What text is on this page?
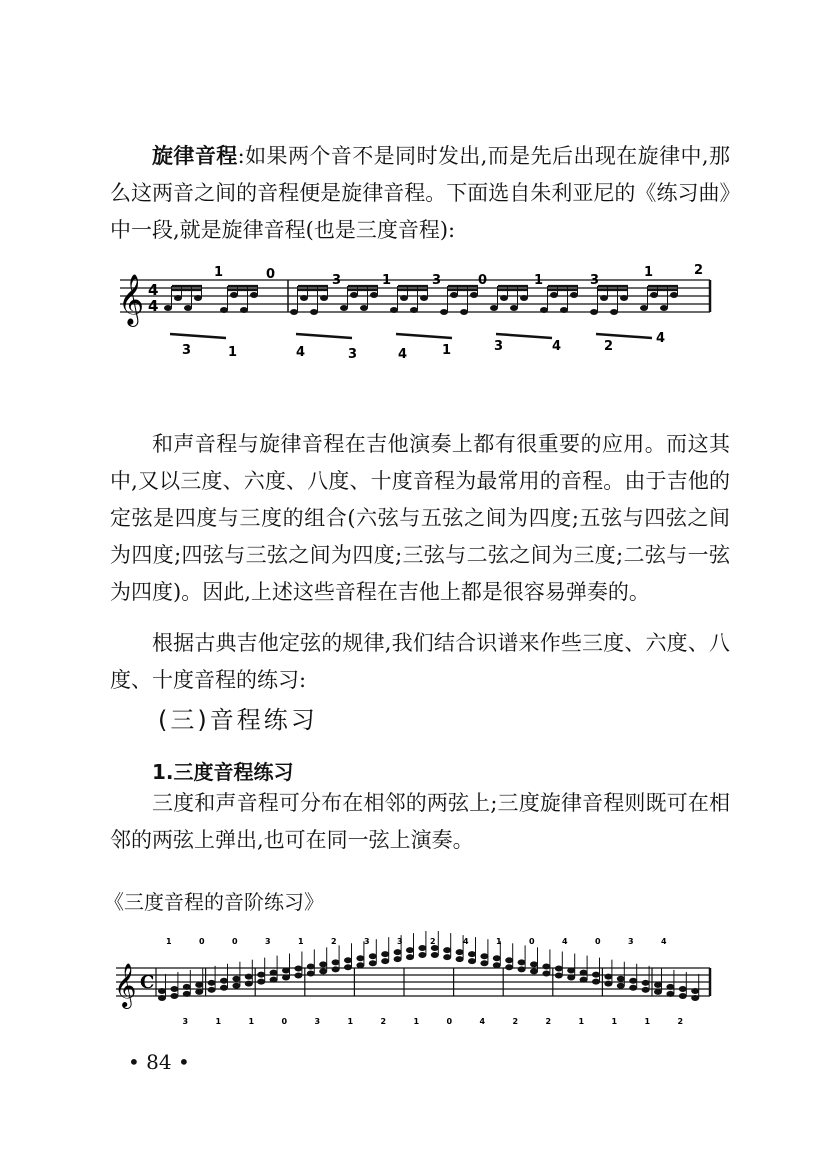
旋律音程:如果两个音不是同时发出,而是先后出现在旋律中,那么这两音之间的音程便是旋律音程。下面选自朱利亚尼的《练习曲》中一段,就是旋律音程(也是三度音程):

𝄞 4
4
1	0	3	1	3	0	1	3
1	2
3	1	4	3	4	1	3	4	2
4

和声音程与旋律音程在吉他演奏上都有很重要的应用。而这其中,又以三度、六度、八度、十度音程为最常用的音程。由于吉他的定弦是四度与三度的组合(六弦与五弦之间为四度;五弦与四弦之间为四度;四弦与三弦之间为四度;三弦与二弦之间为三度;二弦与一弦为四度)。因此,上述这些音程在吉他上都是很容易弹奏的。

根据古典吉他定弦的规律,我们结合识谱来作些三度、六度、八度、十度音程的练习:

(三)音程练习
1.三度音程练习

三度和声音程可分布在相邻的两弦上;三度旋律音程则既可在相邻的两弦上弹出,也可在同一弦上演奏。

《三度音程的音阶练习》
𝄞 C
1
3
0
1
0
1
3
0
1
3
2
1
3
2
3
1
2
0
4
4
1
2
0
2
4
1
0
1
3
1
4
2
• 84 •
